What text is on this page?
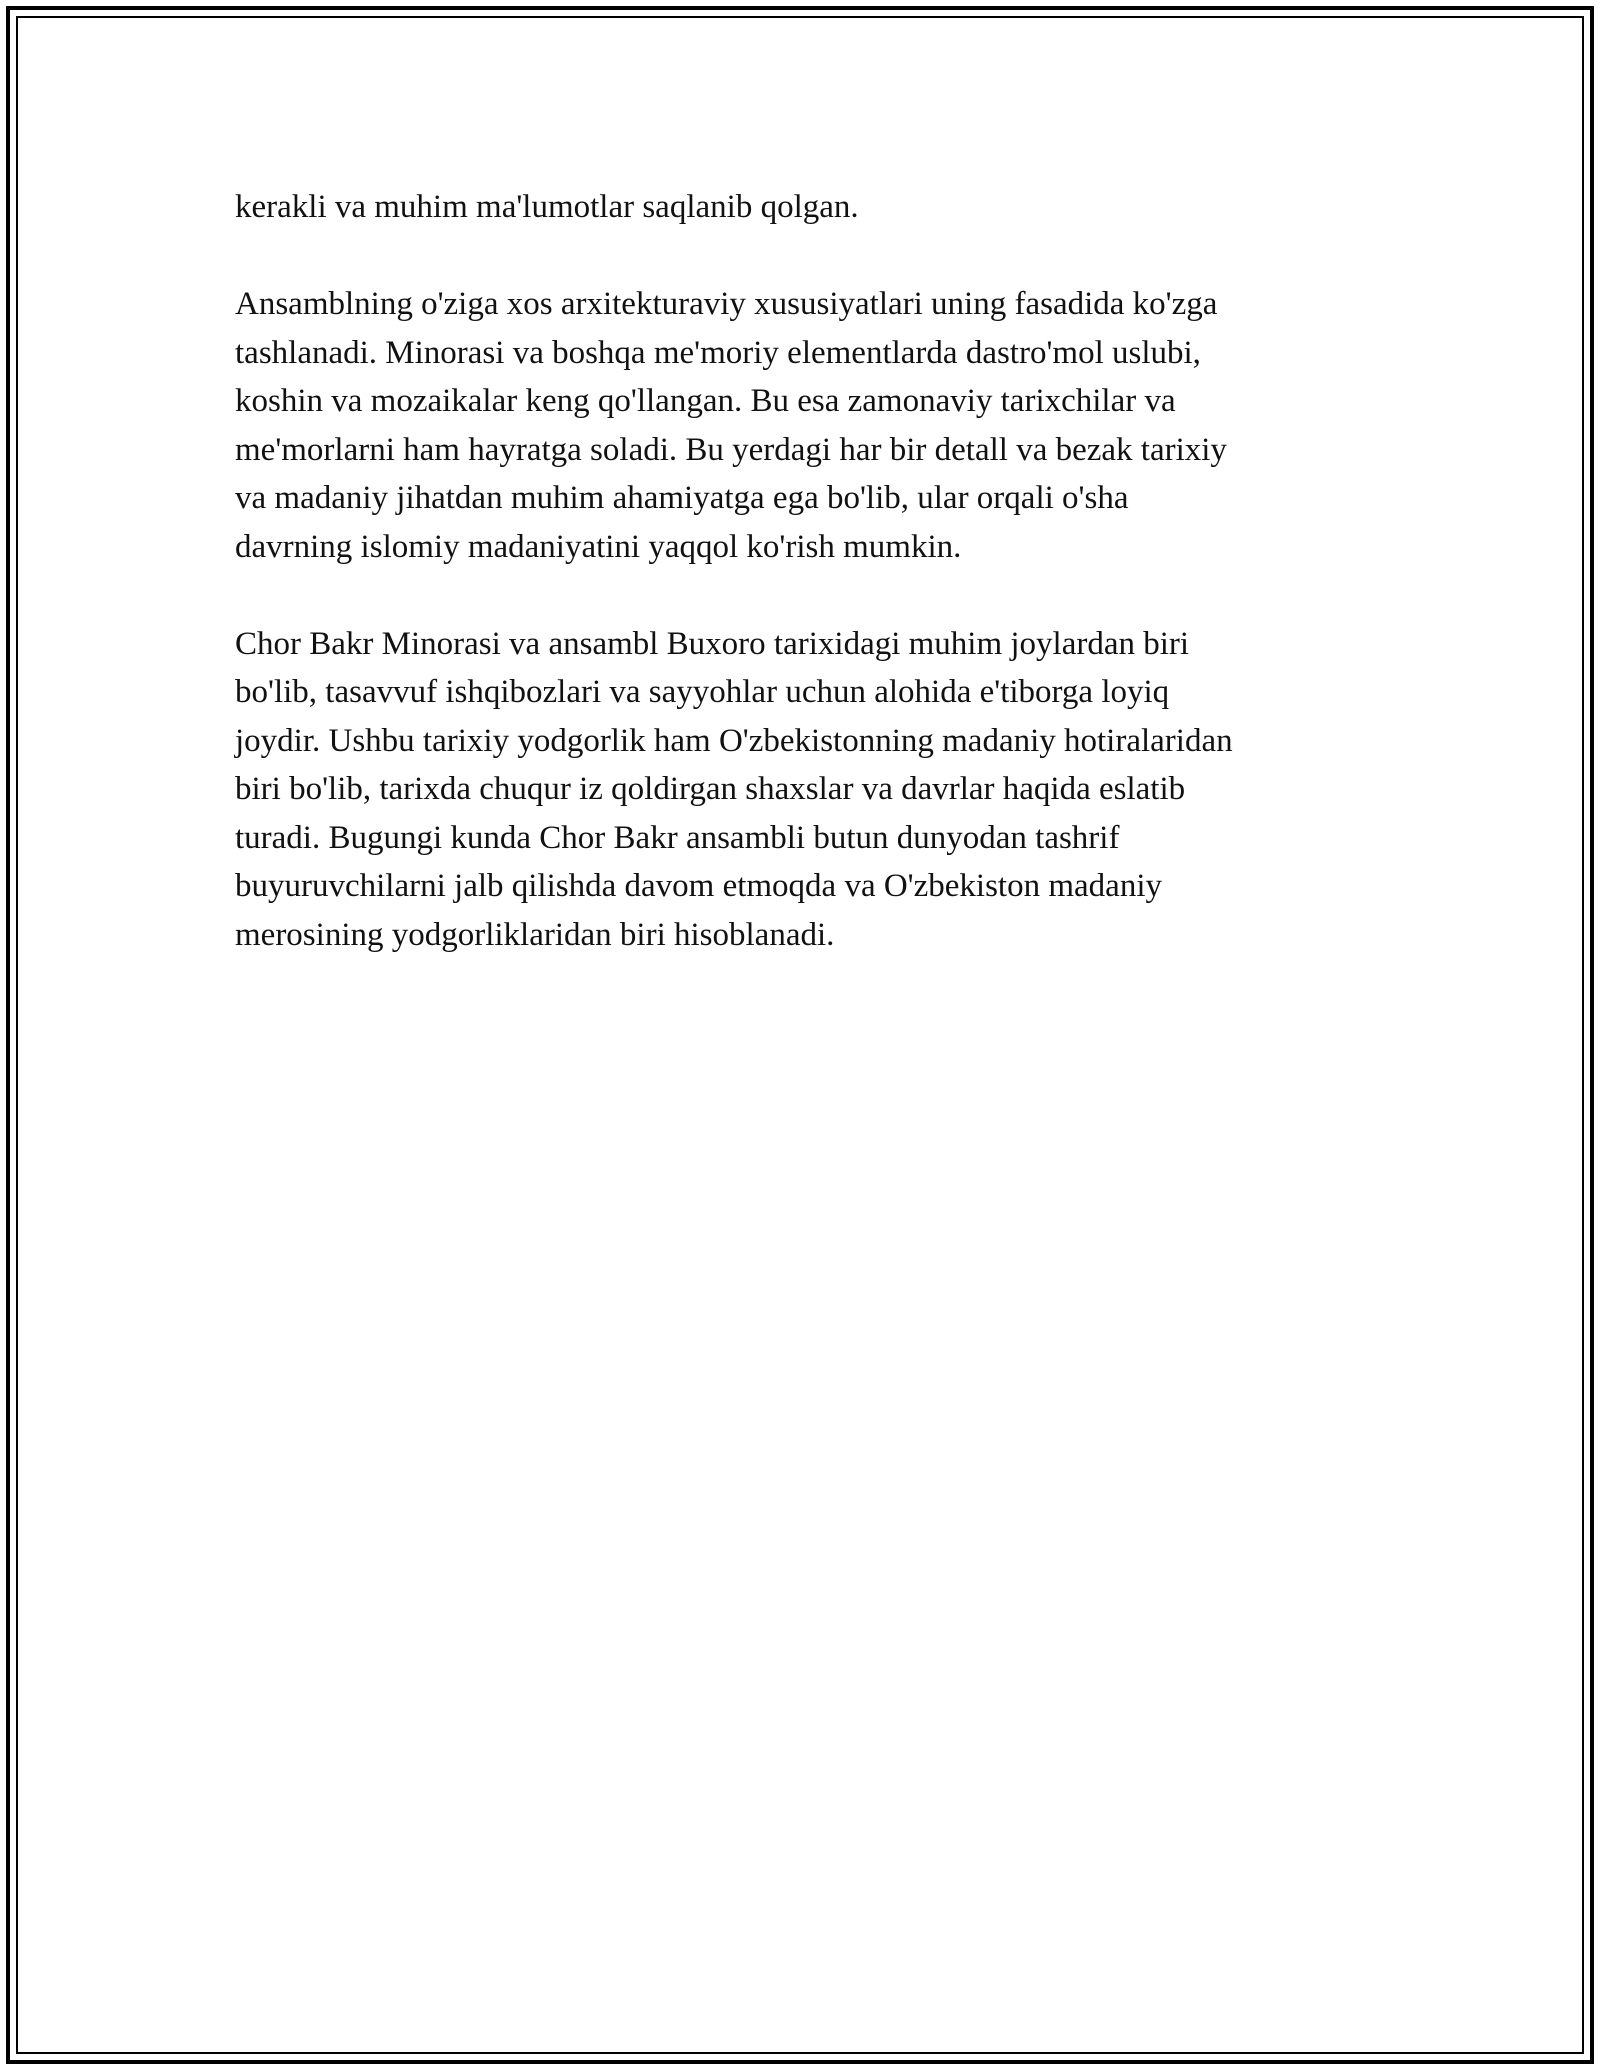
kerakli va muhim ma'lumotlar saqlanib qolgan.

Ansamblning o'ziga xos arxitekturaviy xususiyatlari uning fasadida ko'zga
tashlanadi. Minorasi va boshqa me'moriy elementlarda dastro'mol uslubi,
koshin va mozaikalar keng qo'llangan. Bu esa zamonaviy tarixchilar va
me'morlarni ham hayratga soladi. Bu yerdagi har bir detall va bezak tarixiy
va madaniy jihatdan muhim ahamiyatga ega bo'lib, ular orqali o'sha
davrning islomiy madaniyatini yaqqol ko'rish mumkin.

Chor Bakr Minorasi va ansambl Buxoro tarixidagi muhim joylardan biri
bo'lib, tasavvuf ishqibozlari va sayyohlar uchun alohida e'tiborga loyiq
joydir. Ushbu tarixiy yodgorlik ham O'zbekistonning madaniy hotiralaridan
biri bo'lib, tarixda chuqur iz qoldirgan shaxslar va davrlar haqida eslatib
turadi. Bugungi kunda Chor Bakr ansambli butun dunyodan tashrif
buyuruvchilarni jalb qilishda davom etmoqda va O'zbekiston madaniy
merosining yodgorliklaridan biri hisoblanadi.
